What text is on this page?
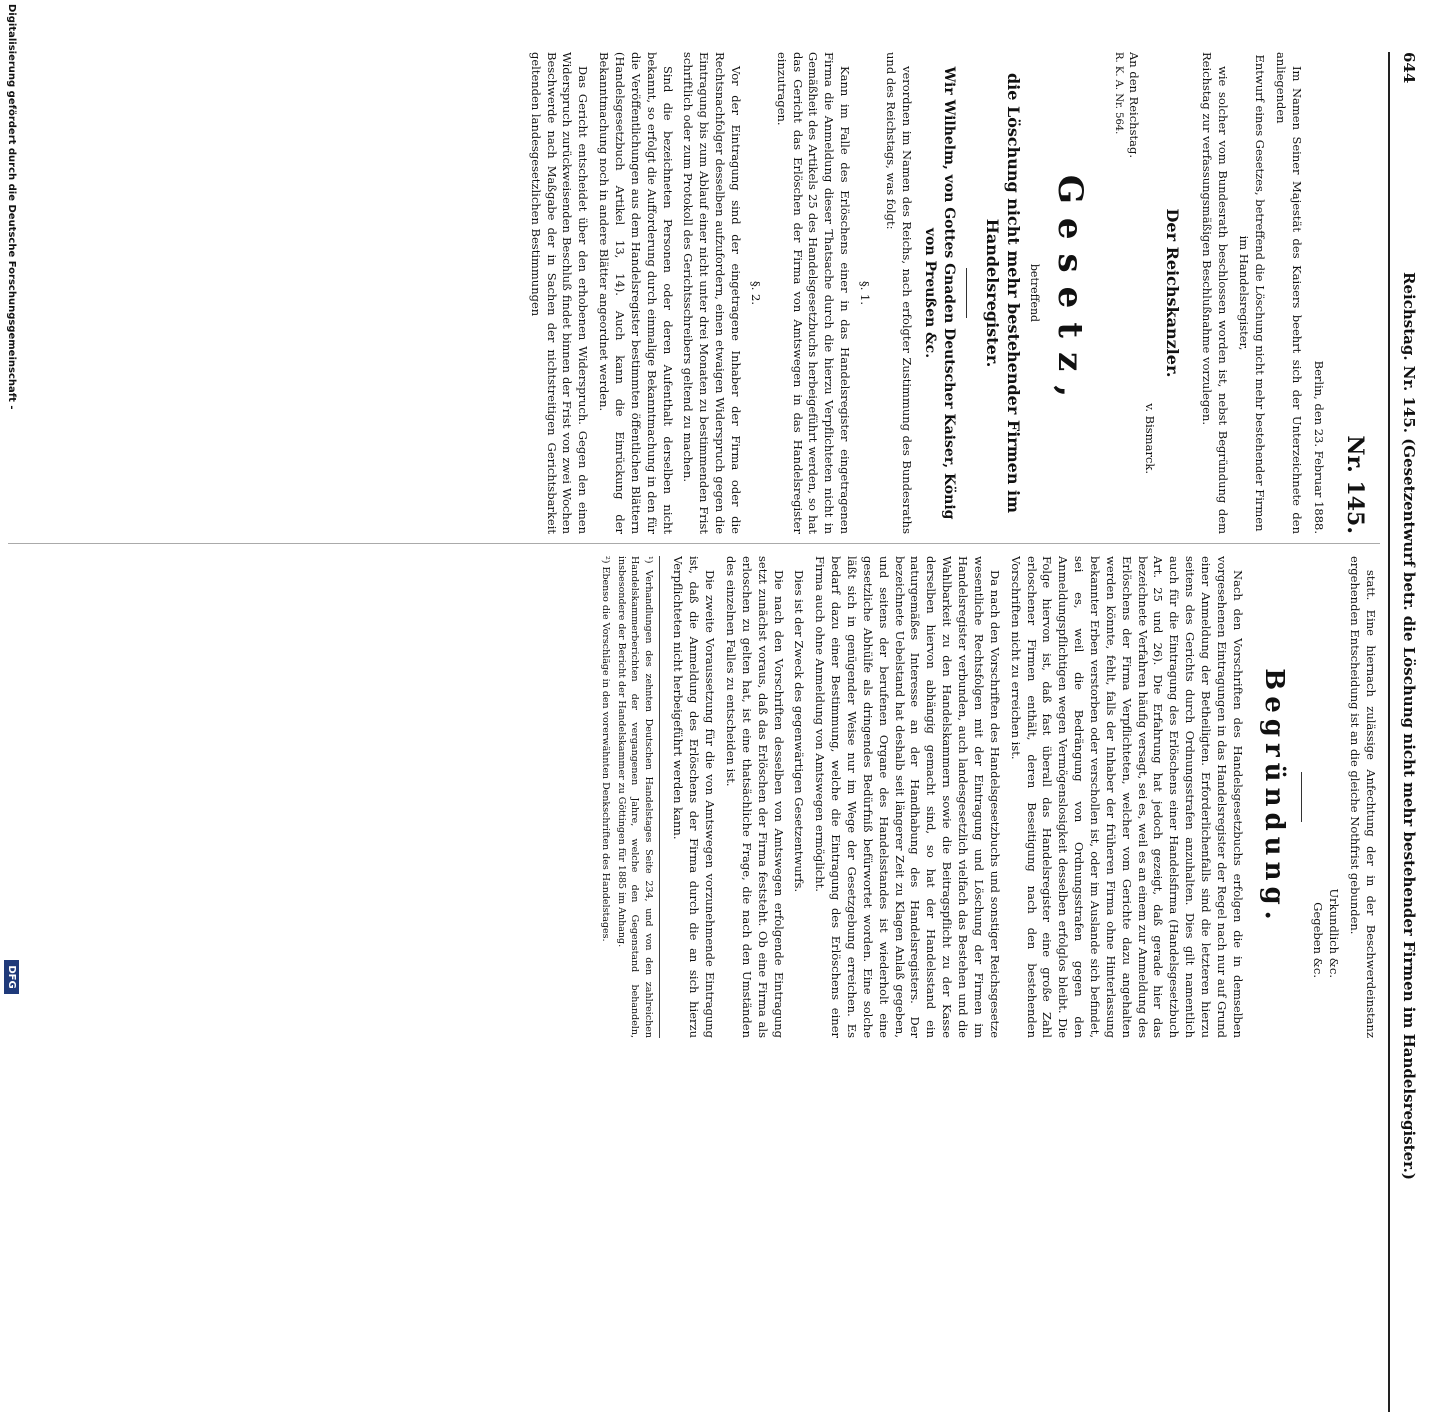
644
Reichstag. Nr. 145. (Gesetzentwurf betr. die Löschung nicht mehr bestehender Firmen im Handelsregister.)
Nr. 145.
Berlin, den 23. Februar 1888.

Im Namen Seiner Majestät des Kaisers beehrt sich der Unterzeichnete den anliegenden

Entwurf eines Gesetzes, betreffend die Löschung nicht mehr bestehender Firmen im Handelsregister,

wie solcher vom Bundesrath beschlossen worden ist, nebst Begründung dem Reichstag zur verfassungsmäßigen Beschlußnahme vorzulegen.

Der Reichskanzler.
v. Bismarck.
An den Reichstag.
R. K. A. Nr. 564.
Gesetz,
betreffend
die Löschung nicht mehr bestehender Firmen im Handelsregister.
Wir Wilhelm, von Gottes Gnaden Deutscher Kaiser, König von Preußen &c.

verordnen im Namen des Reichs, nach erfolgter Zustimmung des Bundesraths und des Reichstags, was folgt:

§. 1.

Kann im Falle des Erlöschens einer in das Handelsregister eingetragenen Firma die Anmeldung dieser Thatsache durch die hierzu Verpflichteten nicht in Gemäßheit des Artikels 25 des Handelsgesetzbuchs herbeigeführt werden, so hat das Gericht das Erlöschen der Firma von Amtswegen in das Handelsregister einzutragen.

§. 2.

Vor der Eintragung sind der eingetragene Inhaber der Firma oder die Rechtsnachfolger desselben aufzufordern, einen etwaigen Widerspruch gegen die Eintragung bis zum Ablauf einer nicht unter drei Monaten zu bestimmenden Frist schriftlich oder zum Protokoll des Gerichtsschreibers geltend zu machen.

Sind die bezeichneten Personen oder deren Aufenthalt derselben nicht bekannt, so erfolgt die Aufforderung durch einmalige Bekanntmachung in den für die Veröffentlichungen aus dem Handelsregister bestimmten öffentlichen Blättern (Handelsgesetzbuch Artikel 13, 14). Auch kann die Einrückung der Bekanntmachung noch in andere Blätter angeordnet werden.

Das Gericht entscheidet über den erhobenen Widerspruch. Gegen den einen Widerspruch zurückweisenden Beschluß findet binnen der Frist von zwei Wochen Beschwerde nach Maßgabe der in Sachen der nichtstreitigen Gerichtsbarkeit geltenden landesgesetzlichen Bestimmungen

statt. Eine hiernach zulässige Anfechtung der in der Beschwerdeinstanz ergehenden Entscheidung ist an die gleiche Nothfrist gebunden.

Urkundlich &c.
Gegeben &c.
Begründung.

Nach den Vorschriften des Handelsgesetzbuchs erfolgen die in demselben vorgesehenen Eintragungen in das Handelsregister der Regel nach nur auf Grund einer Anmeldung der Betheiligten. Erforderlichenfalls sind die letzteren hierzu seitens des Gerichts durch Ordnungsstrafen anzuhalten. Dies gilt namentlich auch für die Eintragung des Erlöschens einer Handelsfirma (Handelsgesetzbuch Art. 25 und 26). Die Erfahrung hat jedoch gezeigt, daß gerade hier das bezeichnete Verfahren häufig versagt, sei es, weil es an einem zur Anmeldung des Erlöschens der Firma Verpflichteten, welcher vom Gerichte dazu angehalten werden könnte, fehlt, falls der Inhaber der früheren Firma ohne Hinterlassung bekannter Erben verstorben oder verschollen ist, oder im Auslande sich befindet, sei es, weil die Bedrängung von Ordnungsstrafen gegen den Anmeldungspflichtigen wegen Vermögenslosigkeit desselben erfolglos bleibt. Die Folge hiervon ist, daß fast überall das Handelsregister eine große Zahl erloschener Firmen enthält, deren Beseitigung nach den bestehenden Vorschriften nicht zu erreichen ist.

Da nach den Vorschriften des Handelsgesetzbuchs und sonstiger Reichsgesetze wesentliche Rechtsfolgen mit der Eintragung und Löschung der Firmen im Handelsregister verbunden, auch landesgesetzlich vielfach das Bestehen und die Wahlbarkeit zu den Handelskammern sowie die Beitragspflicht zu der Kasse derselben hiervon abhängig gemacht sind, so hat der Handelsstand ein naturgemäßes Interesse an der Handhabung des Handelsregisters. Der bezeichnete Uebelstand hat deshalb seit längerer Zeit zu Klagen Anlaß gegeben, und seitens der berufenen Organe des Handelsstandes ist wiederholt eine gesetzliche Abhülfe als dringendes Bedürfniß befürwortet worden. Eine solche läßt sich in genügender Weise nur im Wege der Gesetzgebung erreichen. Es bedarf dazu einer Bestimmung, welche die Eintragung des Erlöschens einer Firma auch ohne Anmeldung von Amtswegen ermöglicht.

Dies ist der Zweck des gegenwärtigen Gesetzentwurfs.

Die nach den Vorschriften desselben von Amtswegen erfolgende Eintragung setzt zunächst voraus, daß das Erlöschen der Firma feststeht. Ob eine Firma als erloschen zu gelten hat, ist eine thatsächliche Frage, die nach den Umständen des einzelnen Falles zu entscheiden ist.

Die zweite Voraussetzung für die von Amtswegen vorzunehmende Eintragung ist, daß die Anmeldung des Erlöschens der Firma durch die an sich hierzu Verpflichteten nicht herbeigeführt werden kann.

¹) Verhandlungen des zehnten Deutschen Handelstages Seite 234, und von den zahlreichen Handelskammerberichten der vergangenen Jahre, welche den Gegenstand behandeln, insbesondere der Bericht der Handelskammer zu Göttingen für 1885 im Anhang.

²) Ebenso die Vorschläge in den vorerwähnten Denkschriften des Handelstages.

Digitalisierung gefördert durch die Deutsche Forschungsgemeinschaft -
DFG
